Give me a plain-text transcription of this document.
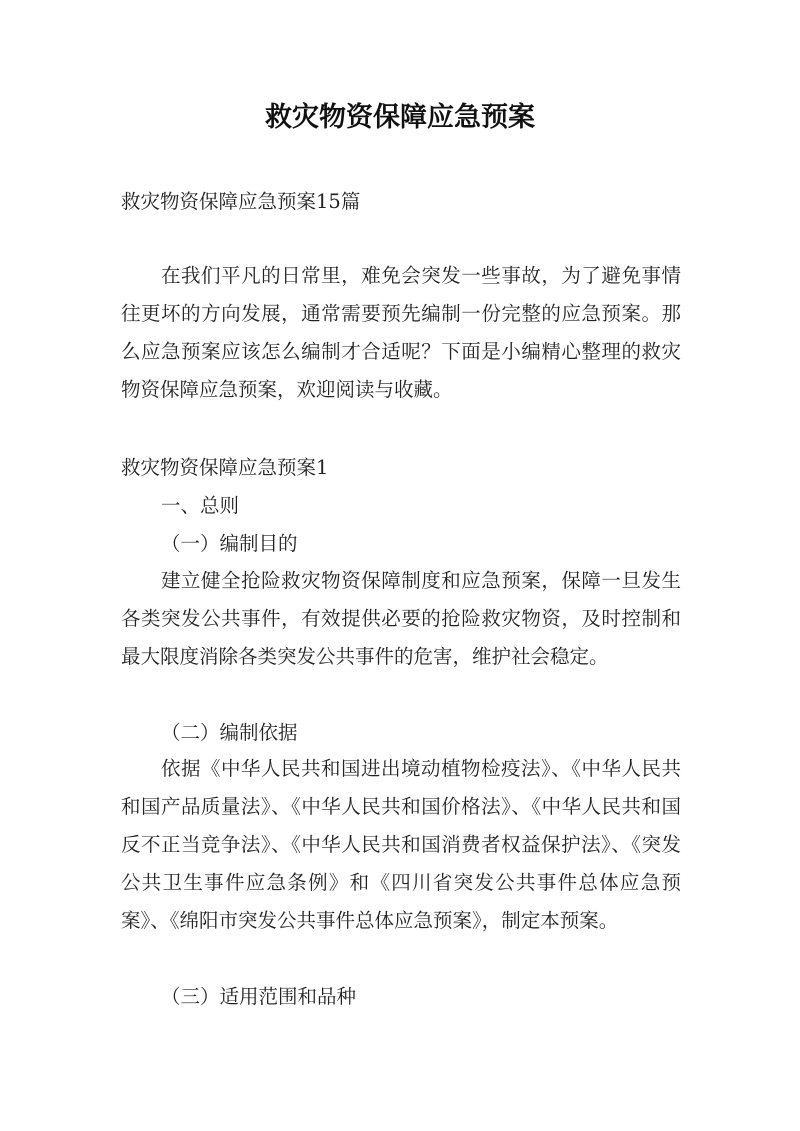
救灾物资保障应急预案
救灾物资保障应急预案15篇
在我们平凡的日常里，难免会突发一些事故，为了避免事情往更坏的方向发展，通常需要预先编制一份完整的应急预案。那么应急预案应该怎么编制才合适呢？下面是小编精心整理的救灾物资保障应急预案，欢迎阅读与收藏。
救灾物资保障应急预案1
一、总则
（一）编制目的
建立健全抢险救灾物资保障制度和应急预案，保障一旦发生各类突发公共事件，有效提供必要的抢险救灾物资，及时控制和最大限度消除各类突发公共事件的危害，维护社会稳定。
（二）编制依据
依据《中华人民共和国进出境动植物检疫法》、《中华人民共和国产品质量法》、《中华人民共和国价格法》、《中华人民共和国反不正当竞争法》、《中华人民共和国消费者权益保护法》、《突发公共卫生事件应急条例》和《四川省突发公共事件总体应急预案》、《绵阳市突发公共事件总体应急预案》，制定本预案。
（三）适用范围和品种
